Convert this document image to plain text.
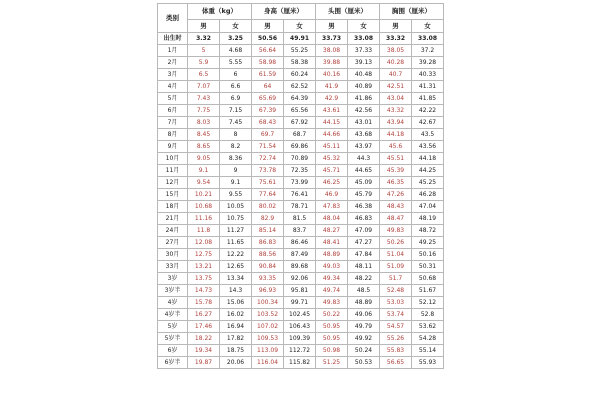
类别	体重（kg）		身高（厘米）		头围（厘米）		胸围（厘米）	
	男	女	男	女	男	女	男	女
出生时	3.32	3.25	50.56	49.91	33.73	33.08	33.32	33.08
1月	5	4.68	56.64	55.25	38.08	37.33	38.05	37.2
2月	5.9	5.55	58.98	58.38	39.88	39.13	40.28	39.28
3月	6.5	6	61.59	60.24	40.16	40.48	40.7	40.33
4月	7.07	6.6	64	62.52	41.9	40.89	42.51	41.31
5月	7.43	6.9	65.69	64.39	42.9	41.86	43.04	41.85
6月	7.75	7.15	67.39	65.56	43.61	42.56	43.32	42.22
7月	8.03	7.45	68.43	67.92	44.15	43.01	43.94	42.67
8月	8.45	8	69.7	68.7	44.66	43.68	44.18	43.5
9月	8.65	8.2	71.54	69.86	45.11	43.97	45.6	43.56
10月	9.05	8.36	72.74	70.89	45.32	44.3	45.51	44.18
11月	9.1	9	73.78	72.35	45.71	44.65	45.39	44.25
12月	9.54	9.1	75.61	73.99	46.25	45.09	46.35	45.25
15月	10.21	9.55	77.64	76.41	46.9	45.79	47.26	46.28
18月	10.68	10.05	80.02	78.71	47.83	46.38	48.43	47.04
21月	11.16	10.75	82.9	81.5	48.04	46.83	48.47	48.19
24月	11.8	11.27	85.14	83.7	48.27	47.09	49.83	48.72
27月	12.08	11.65	86.83	86.46	48.41	47.27	50.26	49.25
30月	12.75	12.22	88.56	87.49	48.89	47.84	51.04	50.16
33月	13.21	12.65	90.84	89.68	49.03	48.11	51.09	50.31
3岁	13.75	13.34	93.35	92.06	49.34	48.22	51.7	50.68
3岁半	14.73	14.3	96.93	95.81	49.74	48.5	52.48	51.67
4岁	15.78	15.06	100.34	99.71	49.83	48.89	53.03	52.12
4岁半	16.27	16.02	103.52	102.45	50.22	49.06	53.74	52.8
5岁	17.46	16.94	107.02	106.43	50.95	49.79	54.57	53.62
5岁半	18.22	17.82	109.53	109.39	50.95	49.92	55.26	54.28
6岁	19.34	18.75	113.09	112.72	50.98	50.24	55.83	55.14
6岁半	19.87	20.06	116.04	115.82	51.25	50.53	56.65	55.93
